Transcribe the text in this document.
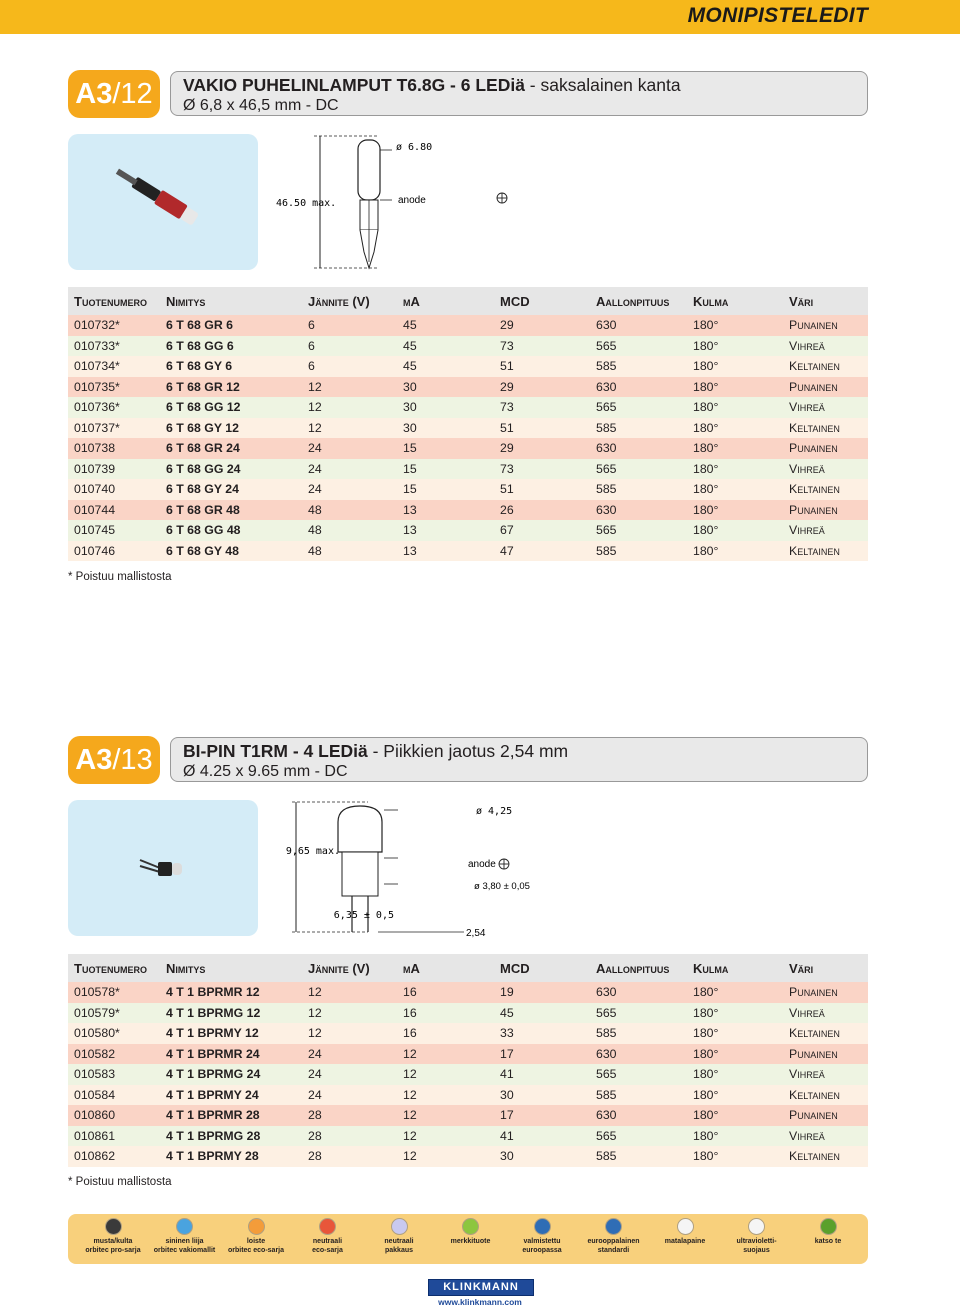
MONIPISTELEDIT
A3/12	VAKIO PUHELINLAMPUT T6.8G - 6 LEDiä - saksalainen kanta
Ø 6,8 x 46,5 mm - DC
ø 6.80
46.50 max.	anode
Tuotenumero	Nimitys	Jännite (V)	mA	MCD	Aallonpituus	Kulma	Väri
010732*	6 T 68 GR 6	6	45	29	630	180°	Punainen
010733*	6 T 68 GG 6	6	45	73	565	180°	Vihreä
010734*	6 T 68 GY 6	6	45	51	585	180°	Keltainen
010735*	6 T 68 GR 12	12	30	29	630	180°	Punainen
010736*	6 T 68 GG 12	12	30	73	565	180°	Vihreä
010737*	6 T 68 GY 12	12	30	51	585	180°	Keltainen
010738	6 T 68 GR 24	24	15	29	630	180°	Punainen
010739	6 T 68 GG 24	24	15	73	565	180°	Vihreä
010740	6 T 68 GY 24	24	15	51	585	180°	Keltainen
010744	6 T 68 GR 48	48	13	26	630	180°	Punainen
010745	6 T 68 GG 48	48	13	67	565	180°	Vihreä
010746	6 T 68 GY 48	48	13	47	585	180°	Keltainen
* Poistuu mallistosta
A3/13	BI-PIN T1RM - 4 LEDiä - Piikkien jaotus 2,54 mm
Ø 4.25 x 9.65 mm - DC
ø 4,25
9,65 max.
anode
ø 3,80 ± 0,05
6,35 ± 0,5
2,54
Tuotenumero	Nimitys	Jännite (V)	mA	MCD	Aallonpituus	Kulma	Väri
010578*	4 T 1 BPRMR 12	12	16	19	630	180°	Punainen
010579*	4 T 1 BPRMG 12	12	16	45	565	180°	Vihreä
010580*	4 T 1 BPRMY 12	12	16	33	585	180°	Keltainen
010582	4 T 1 BPRMR 24	24	12	17	630	180°	Punainen
010583	4 T 1 BPRMG 24	24	12	41	565	180°	Vihreä
010584	4 T 1 BPRMY 24	24	12	30	585	180°	Keltainen
010860	4 T 1 BPRMR 28	28	12	17	630	180°	Punainen
010861	4 T 1 BPRMG 28	28	12	41	565	180°	Vihreä
010862	4 T 1 BPRMY 28	28	12	30	585	180°	Keltainen
* Poistuu mallistosta
musta/kulta
orbitec pro-sarja
sininen liija
orbitec vakiomallit
loiste
orbitec eco-sarja
neutraali
eco-sarja
neutraali
pakkaus
merkkituote	valmistettu
euroopassa
eurooppalainen
standardi
matalapaine	ultravioletti-
suojaus
katso te
KLINKMANN
www.klinkmann.com
